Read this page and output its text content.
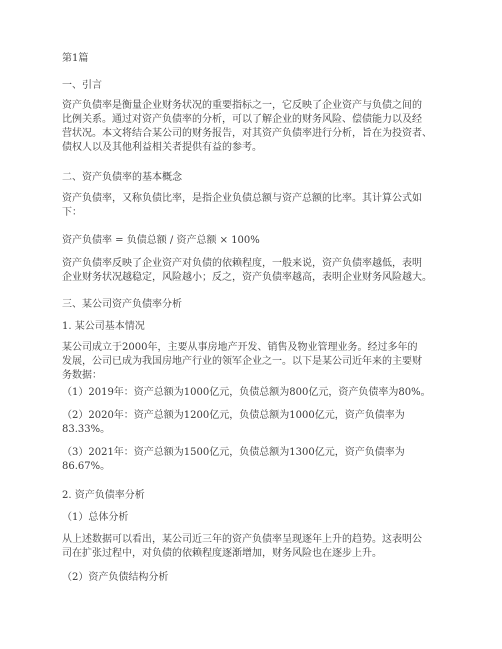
第1篇

一、引言

资产负债率是衡量企业财务状况的重要指标之一，它反映了企业资产与负债之间的
比例关系。通过对资产负债率的分析，可以了解企业的财务风险、偿债能力以及经
营状况。本文将结合某公司的财务报告，对其资产负债率进行分析，旨在为投资者、
债权人以及其他利益相关者提供有益的参考。

二、资产负债率的基本概念

资产负债率，又称负债比率，是指企业负债总额与资产总额的比率。其计算公式如
下：

资产负债率 = 负债总额 / 资产总额 × 100%

资产负债率反映了企业资产对负债的依赖程度，一般来说，资产负债率越低，表明
企业财务状况越稳定，风险越小；反之，资产负债率越高，表明企业财务风险越大。

三、某公司资产负债率分析

1. 某公司基本情况

某公司成立于2000年，主要从事房地产开发、销售及物业管理业务。经过多年的
发展，公司已成为我国房地产行业的领军企业之一。以下是某公司近年来的主要财
务数据：

（1）2019年：资产总额为1000亿元，负债总额为800亿元，资产负债率为80%。

（2）2020年：资产总额为1200亿元，负债总额为1000亿元，资产负债率为
83.33%。
（3）2021年：资产总额为1500亿元，负债总额为1300亿元，资产负债率为
86.67%。

2. 资产负债率分析

（1）总体分析

从上述数据可以看出，某公司近三年的资产负债率呈现逐年上升的趋势。这表明公
司在扩张过程中，对负债的依赖程度逐渐增加，财务风险也在逐步上升。

（2）资产负债结构分析
